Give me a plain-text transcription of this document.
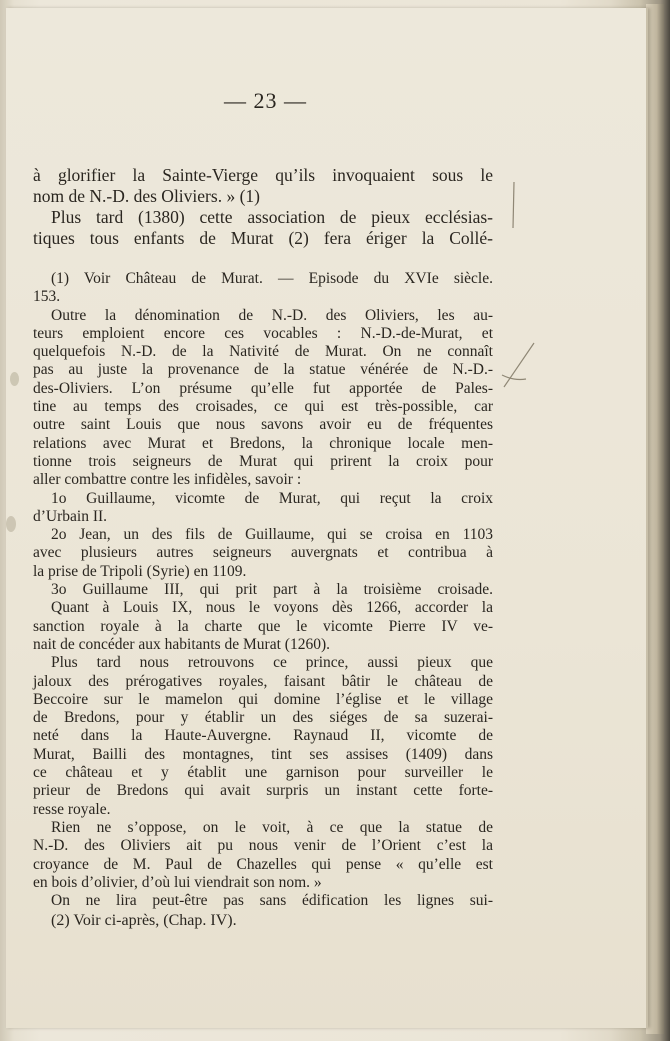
— 23 —
à glorifier la Sainte-Vierge qu’ils invoquaient sous le
nom de N.-D. des Oliviers. » (1)
Plus tard (1380) cette association de pieux ecclésias-
tiques tous enfants de Murat (2) fera ériger la Collé-
(1) Voir Château de Murat. — Episode du XVIe siècle.
153.
Outre la dénomination de N.-D. des Oliviers, les au-
teurs emploient encore ces vocables : N.-D.-de-Murat, et
quelquefois N.-D. de la Nativité de Murat. On ne connaît
pas au juste la provenance de la statue vénérée de N.-D.-
des-Oliviers. L’on présume qu’elle fut apportée de Pales-
tine au temps des croisades, ce qui est très-possible, car
outre saint Louis que nous savons avoir eu de fréquentes
relations avec Murat et Bredons, la chronique locale men-
tionne trois seigneurs de Murat qui prirent la croix pour
aller combattre contre les infidèles, savoir :
1o Guillaume, vicomte de Murat, qui reçut la croix
d’Urbain II.
2o Jean, un des fils de Guillaume, qui se croisa en 1103
avec plusieurs autres seigneurs auvergnats et contribua à
la prise de Tripoli (Syrie) en 1109.
3o Guillaume III, qui prit part à la troisième croisade.
Quant à Louis IX, nous le voyons dès 1266, accorder la
sanction royale à la charte que le vicomte Pierre IV ve-
nait de concéder aux habitants de Murat (1260).
Plus tard nous retrouvons ce prince, aussi pieux que
jaloux des prérogatives royales, faisant bâtir le château de
Beccoire sur le mamelon qui domine l’église et le village
de Bredons, pour y établir un des siéges de sa suzerai-
neté dans la Haute-Auvergne. Raynaud II, vicomte de
Murat, Bailli des montagnes, tint ses assises (1409) dans
ce château et y établit une garnison pour surveiller le
prieur de Bredons qui avait surpris un instant cette forte-
resse royale.
Rien ne s’oppose, on le voit, à ce que la statue de
N.-D. des Oliviers ait pu nous venir de l’Orient c’est la
croyance de M. Paul de Chazelles qui pense « qu’elle est
en bois d’olivier, d’où lui viendrait son nom. »
On ne lira peut-être pas sans édification les lignes sui-
(2) Voir ci-après, (Chap. IV).
